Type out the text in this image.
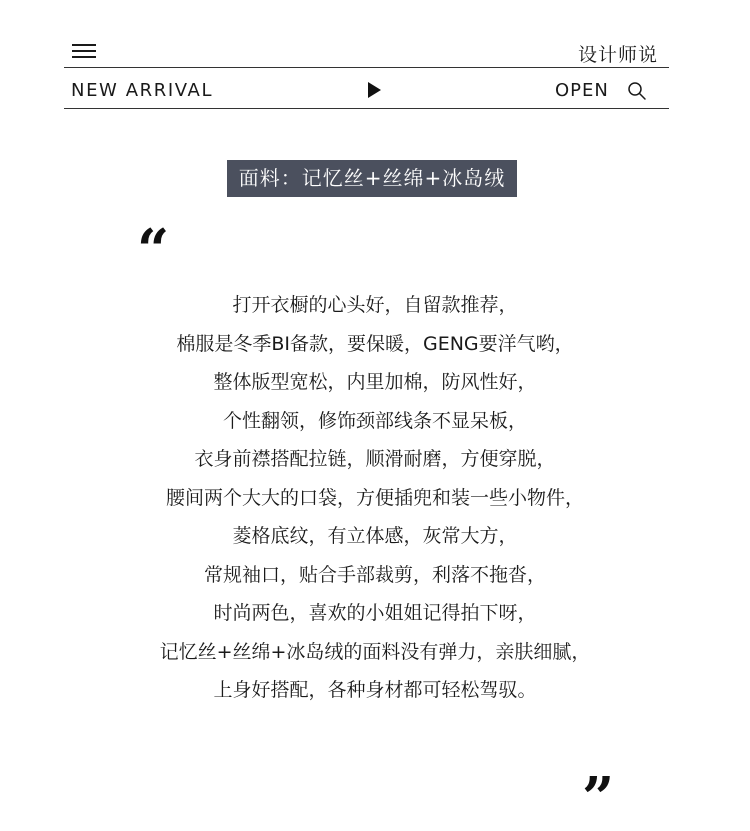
设计师说
NEW ARRIVAL	OPEN
面料：记忆丝+丝绵+冰岛绒
“

打开衣橱的心头好，自留款推荐，

棉服是冬季BI备款，要保暖，GENG要洋气哟，

整体版型宽松，内里加棉，防风性好，

个性翻领，修饰颈部线条不显呆板，

衣身前襟搭配拉链，顺滑耐磨，方便穿脱，

腰间两个大大的口袋，方便插兜和装一些小物件，

菱格底纹，有立体感，灰常大方，

常规袖口，贴合手部裁剪，利落不拖沓，

时尚两色，喜欢的小姐姐记得拍下呀，

记忆丝+丝绵+冰岛绒的面料没有弹力，亲肤细腻，

上身好搭配，各种身材都可轻松驾驭。

”
